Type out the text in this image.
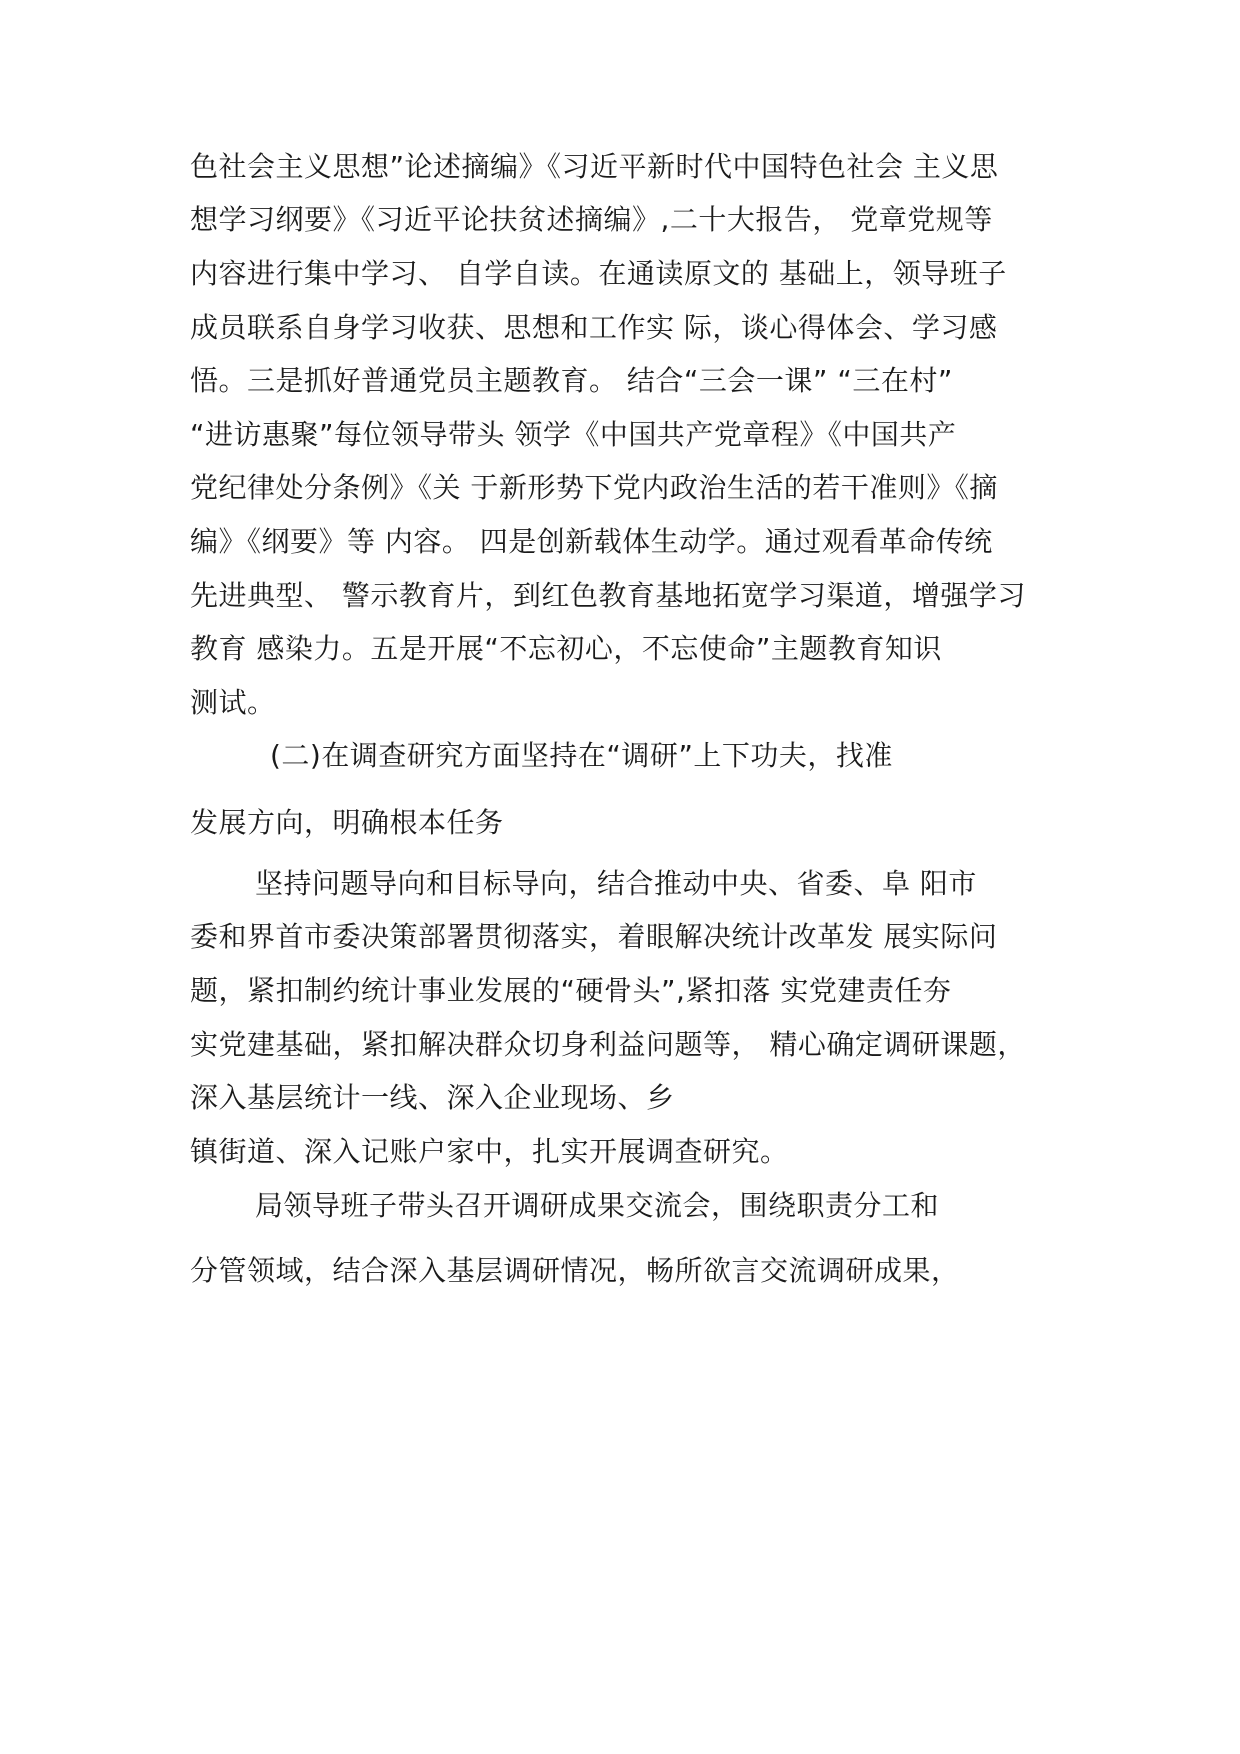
色社会主义思想”论述摘编》《习近平新时代中国特色社会 主义思
想学习纲要》《习近平论扶贫述摘编》,二十大报告， 党章党规等
内容进行集中学习、 自学自读。在通读原文的 基础上，领导班子
成员联系自身学习收获、思想和工作实 际，谈心得体会、学习感
悟。三是抓好普通党员主题教育。 结合“三会一课” “三在村”
“进访惠聚”每位领导带头 领学《中国共产党章程》《中国共产
党纪律处分条例》《关 于新形势下党内政治生活的若干准则》《摘
编》《纲要》等 内容。 四是创新载体生动学。通过观看革命传统
先进典型、 警示教育片，到红色教育基地拓宽学习渠道，增强学习
教育 感染力。五是开展“不忘初心，不忘使命”主题教育知识
测试。
(二)在调查研究方面坚持在“调研”上下功夫，找准
发展方向，明确根本任务
坚持问题导向和目标导向，结合推动中央、省委、阜 阳市
委和界首市委决策部署贯彻落实，着眼解决统计改革发 展实际问
题，紧扣制约统计事业发展的“硬骨头”,紧扣落 实党建责任夯
实党建基础，紧扣解决群众切身利益问题等， 精心确定调研课题，
深入基层统计一线、深入企业现场、乡
镇街道、深入记账户家中，扎实开展调查研究。
局领导班子带头召开调研成果交流会，围绕职责分工和
分管领域，结合深入基层调研情况，畅所欲言交流调研成果，
